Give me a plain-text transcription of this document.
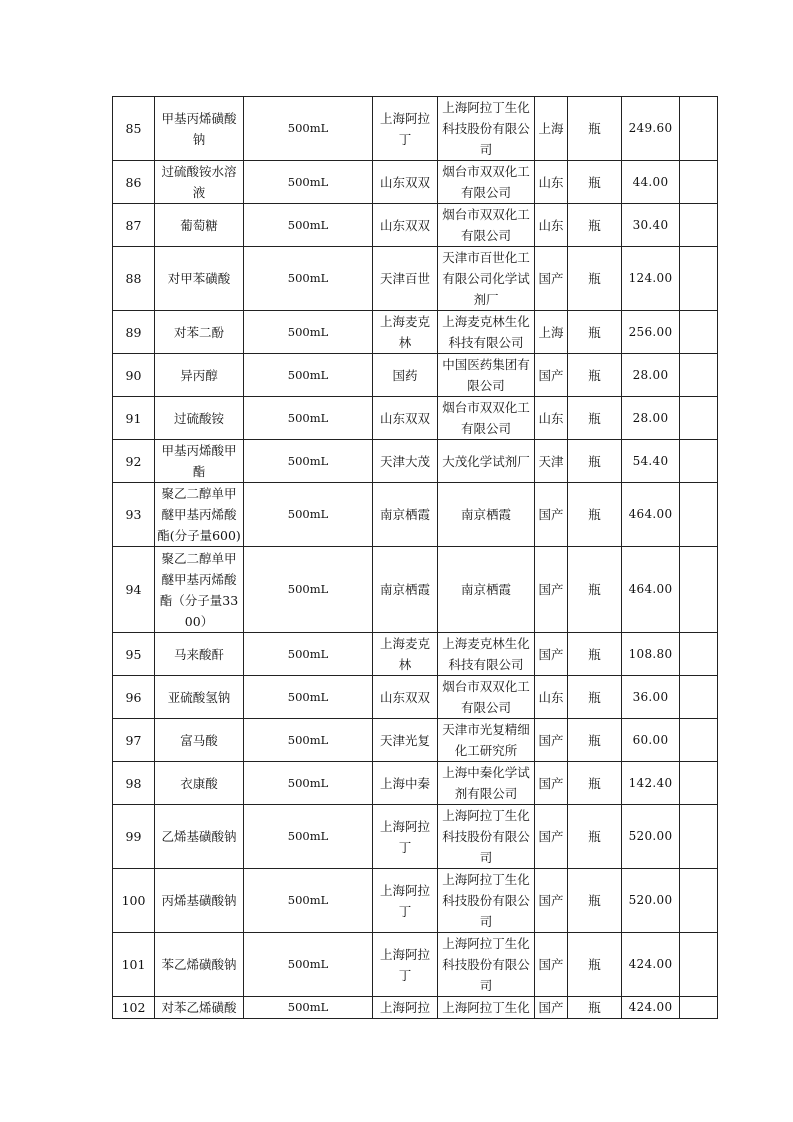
85	甲基丙烯磺酸钠	500mL	上海阿拉丁	上海阿拉丁生化科技股份有限公司	上海	瓶	249.60	
86	过硫酸铵水溶液	500mL	山东双双	烟台市双双化工有限公司	山东	瓶	44.00	
87	葡萄糖	500mL	山东双双	烟台市双双化工有限公司	山东	瓶	30.40	
88	对甲苯磺酸	500mL	天津百世	天津市百世化工有限公司化学试剂厂	国产	瓶	124.00	
89	对苯二酚	500mL	上海麦克林	上海麦克林生化科技有限公司	上海	瓶	256.00	
90	异丙醇	500mL	国药	中国医药集团有限公司	国产	瓶	28.00	
91	过硫酸铵	500mL	山东双双	烟台市双双化工有限公司	山东	瓶	28.00	
92	甲基丙烯酸甲酯	500mL	天津大茂	大茂化学试剂厂	天津	瓶	54.40	
93	聚乙二醇单甲醚甲基丙烯酸酯(分子量600)	500mL	南京栖霞	南京栖霞	国产	瓶	464.00	
94	聚乙二醇单甲醚甲基丙烯酸酯（分子量3300）	500mL	南京栖霞	南京栖霞	国产	瓶	464.00	
95	马来酸酐	500mL	上海麦克林	上海麦克林生化科技有限公司	国产	瓶	108.80	
96	亚硫酸氢钠	500mL	山东双双	烟台市双双化工有限公司	山东	瓶	36.00	
97	富马酸	500mL	天津光复	天津市光复精细化工研究所	国产	瓶	60.00	
98	衣康酸	500mL	上海中秦	上海中秦化学试剂有限公司	国产	瓶	142.40	
99	乙烯基磺酸钠	500mL	上海阿拉丁	上海阿拉丁生化科技股份有限公司	国产	瓶	520.00	
100	丙烯基磺酸钠	500mL	上海阿拉丁	上海阿拉丁生化科技股份有限公司	国产	瓶	520.00	
101	苯乙烯磺酸钠	500mL	上海阿拉丁	上海阿拉丁生化科技股份有限公司	国产	瓶	424.00	
102	对苯乙烯磺酸	500mL	上海阿拉	上海阿拉丁生化	国产	瓶	424.00	
